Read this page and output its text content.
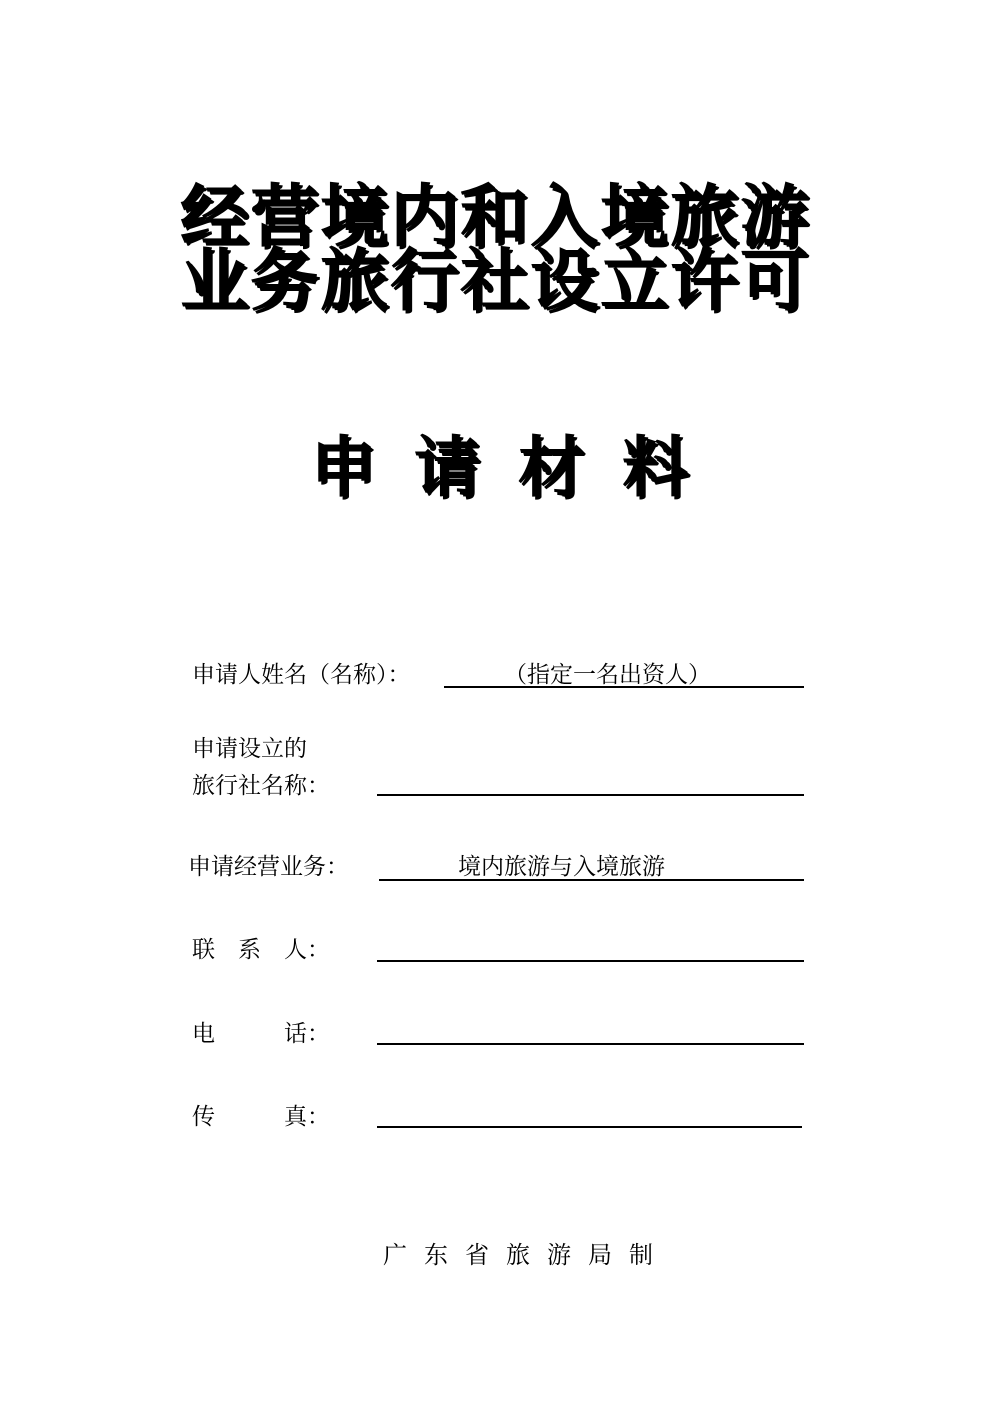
经营境内和入境旅游
业务旅行社设立许可
申请材料
申请人姓名（名称）：	（指定一名出资人）
申请设立的
旅行社名称：
申请经营业务：	境内旅游与入境旅游
联　系　人：
电　　　话：
传　　　真：
广东省旅游局制
